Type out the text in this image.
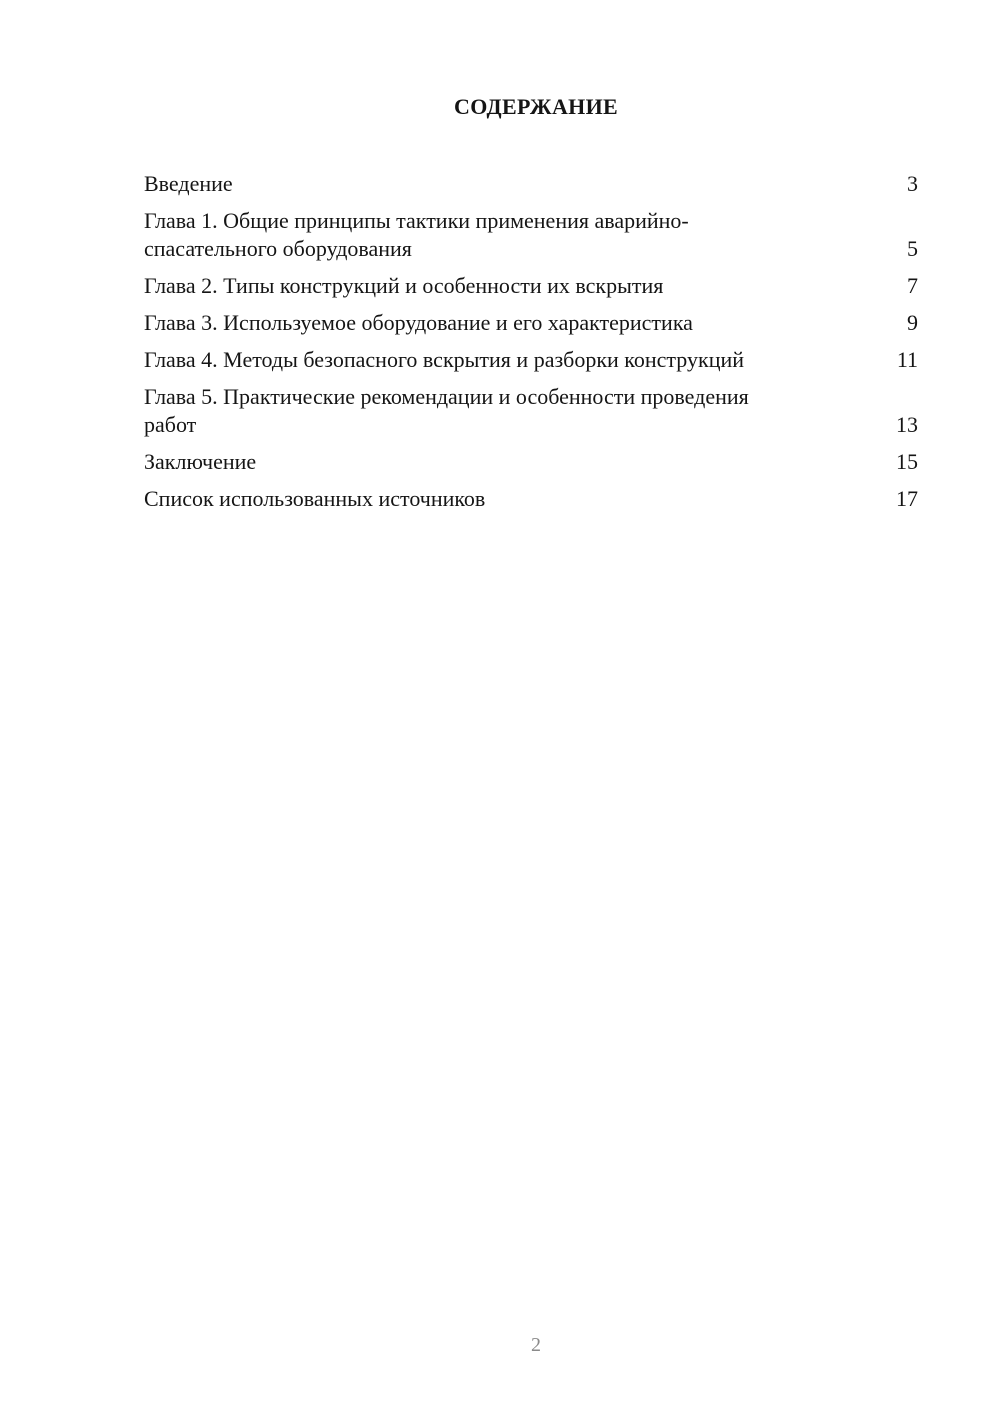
СОДЕРЖАНИЕ
Введение	3
Глава 1. Общие принципы тактики применения аварийно-спасательного оборудования	5
Глава 2. Типы конструкций и особенности их вскрытия	7
Глава 3. Используемое оборудование и его характеристика	9
Глава 4. Методы безопасного вскрытия и разборки конструкций	11
Глава 5. Практические рекомендации и особенности проведения работ	13
Заключение	15
Список использованных источников	17
2
